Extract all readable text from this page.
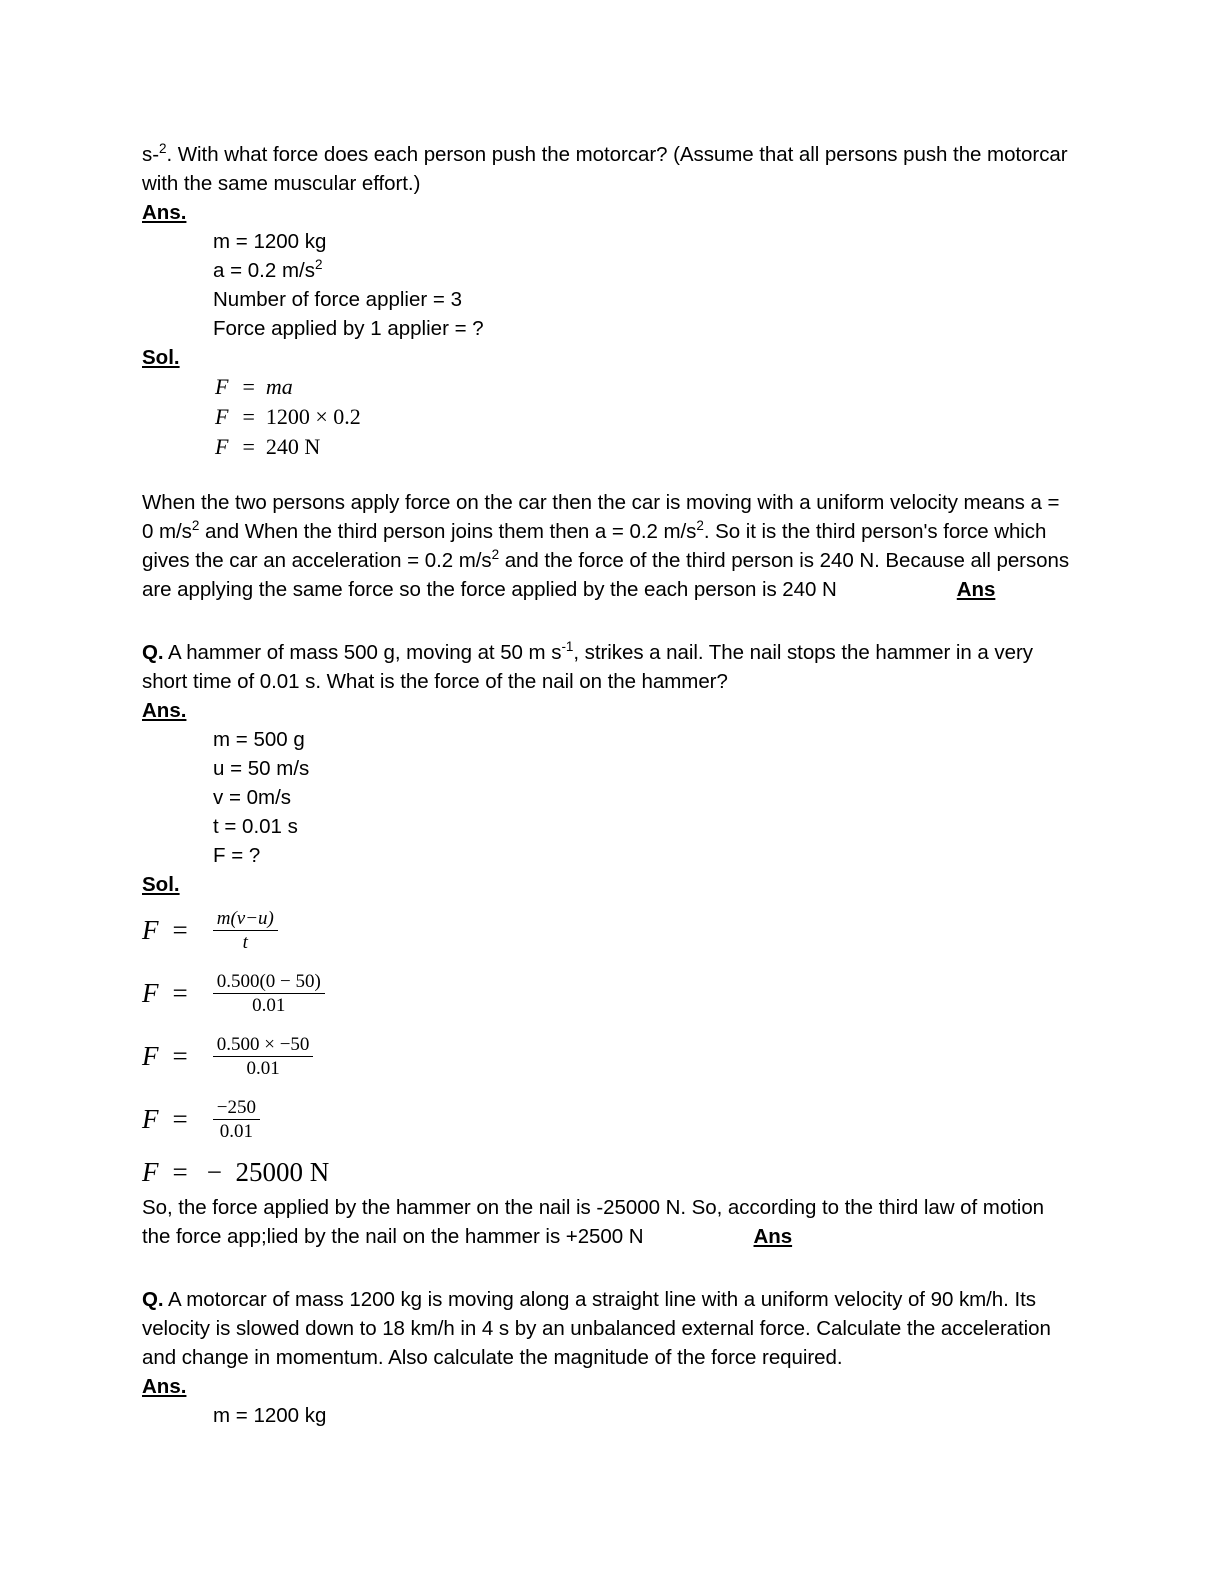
s-$^2$. With what force does each person push the motorcar? (Assume that all persons push the motorcar with the same muscular effort.)

Ans.
m = 1200 kg
a = 0.2 $m/s^2$
Number of force applier = 3
Force applied by 1 applier = ?
Sol.
F = ma
F = 1200 × 0.2
F = 240 N

When the two persons apply force on the car then the car is moving with a uniform velocity means a = 0 $m/s^2$ and When the third person joins them then a = 0.2 $m/s^2$. So it is the third person's force which gives the car an acceleration = 0.2 $m/s^2$ and the force of the third person is 240 N. Because all persons are applying the same force so the force applied by the each person is 240 N	Ans

Q. A hammer of mass 500 g, moving at 50 m $s^{-1}$, strikes a nail. The nail stops the hammer in a very short time of 0.01 s. What is the force of the nail on the hammer?

Ans.
m = 500 g
u = 50 m/s
v = 0m/s
t = 0.01 s
F = ?
Sol.
$F = \frac{m(v-u)}{t}$
$F = \frac{0.500(0 - 50)}{0.01}$
$F = \frac{0.500 \times -50}{0.01}$
$F = \frac{-250}{0.01}$
F = −  25000 N

So, the force applied by the hammer on the nail is -25000 N. So, according to the third law of motion the force app;lied by the nail on the hammer is +2500 N	Ans

Q. A motorcar of mass 1200 kg is moving along a straight line with a uniform velocity of 90 km/h. Its velocity is slowed down to 18 km/h in 4 s by an unbalanced external force. Calculate the acceleration and change in momentum. Also calculate the magnitude of the force required.

Ans.
m = 1200 kg
